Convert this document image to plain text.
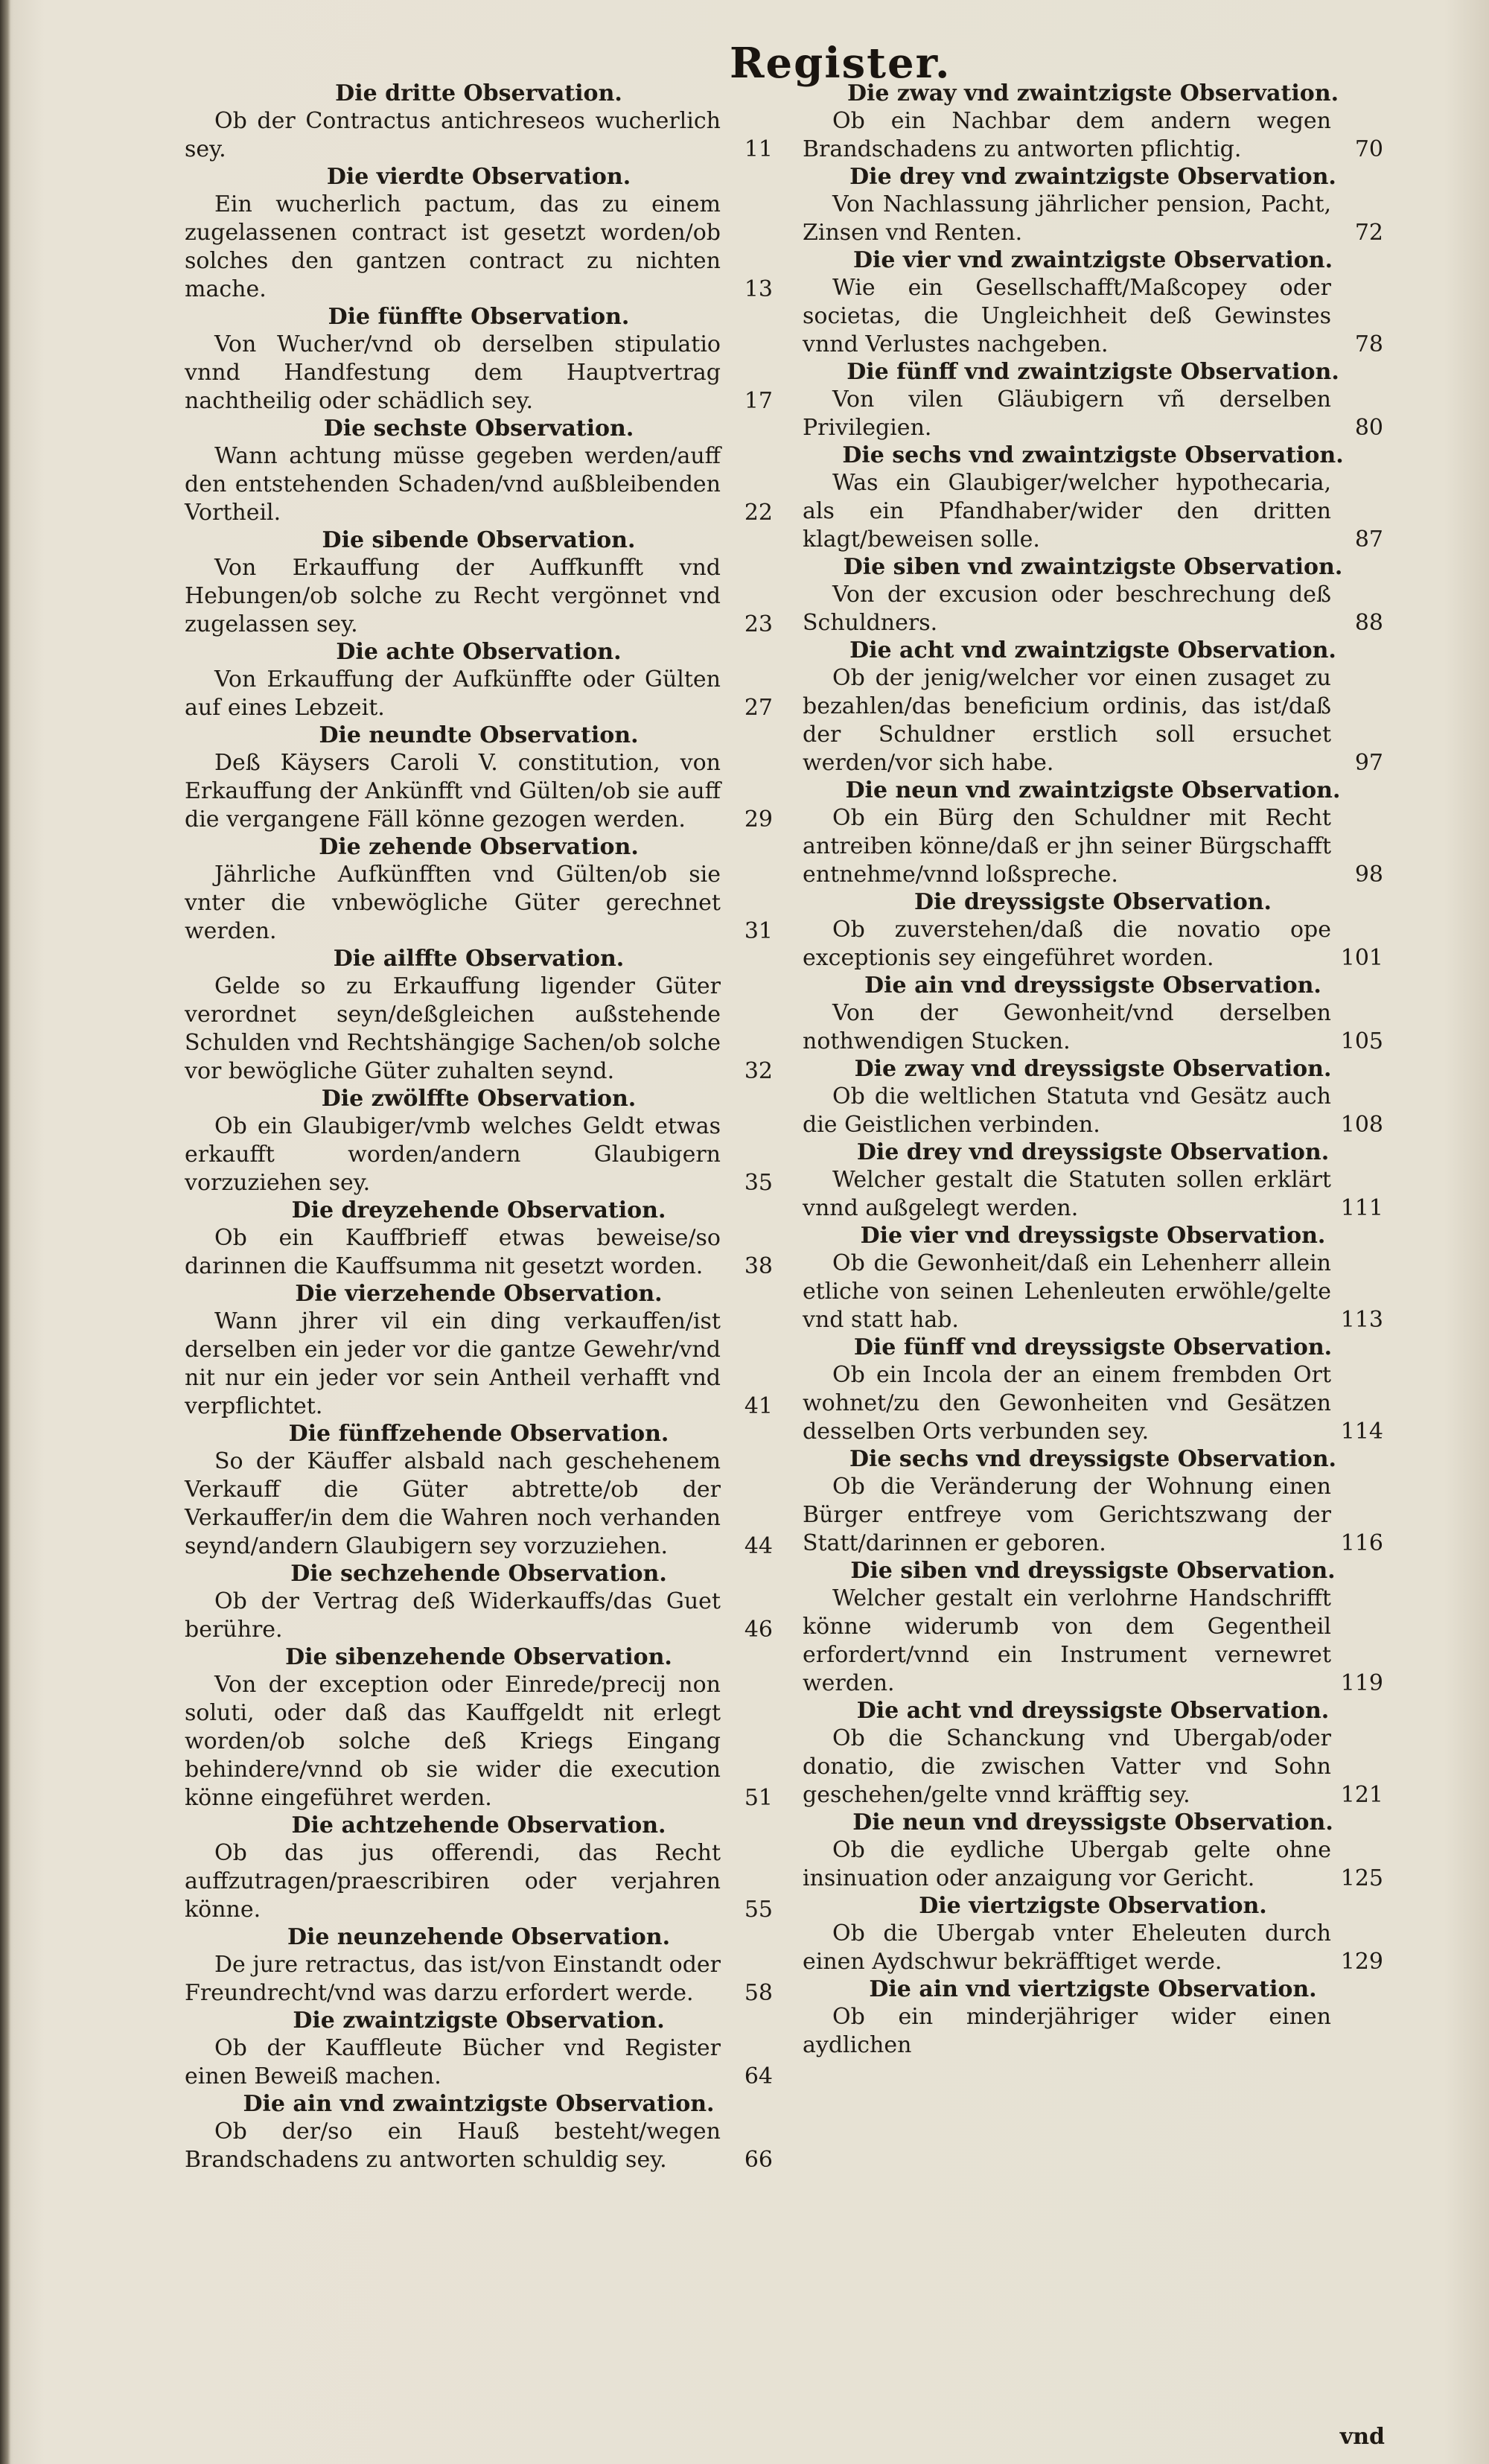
Register.
Die dritte Observation.
Ob der Contractus antichreseos wucherlich sey.	11
Die vierdte Observation.
Ein wucherlich pactum, das zu einem zugelassenen contract ist gesetzt worden/ob solches den gantzen contract zu nichten mache.	13
Die fünffte Observation.
Von Wucher/vnd ob derselben stipulatio vnnd Handfestung dem Hauptvertrag nachtheilig oder schädlich sey.	17
Die sechste Observation.
Wann achtung müsse gegeben werden/auff den entstehenden Schaden/vnd außbleibenden Vortheil.	22
Die sibende Observation.
Von Erkauffung der Auffkunfft vnd Hebungen/ob solche zu Recht vergönnet vnd zugelassen sey.	23
Die achte Observation.
Von Erkauffung der Aufkünffte oder Gülten auf eines Lebzeit.	27
Die neundte Observation.
Deß Käysers Caroli V. constitution, von Erkauffung der Ankünfft vnd Gülten/ob sie auff die vergangene Fäll könne gezogen werden.	29
Die zehende Observation.
Jährliche Aufkünfften vnd Gülten/ob sie vnter die vnbewögliche Güter gerechnet werden.	31
Die ailffte Observation.
Gelde so zu Erkauffung ligender Güter verordnet seyn/deßgleichen außstehende Schulden vnd Rechtshängige Sachen/ob solche vor bewögliche Güter zuhalten seynd.	32
Die zwölffte Observation.
Ob ein Glaubiger/vmb welches Geldt etwas erkaufft worden/andern Glaubigern vorzuziehen sey.	35
Die dreyzehende Observation.
Ob ein Kauffbrieff etwas beweise/so darinnen die Kauffsumma nit gesetzt worden.	38
Die vierzehende Observation.
Wann jhrer vil ein ding verkauffen/ist derselben ein jeder vor die gantze Gewehr/vnd nit nur ein jeder vor sein Antheil verhafft vnd verpflichtet.	41
Die fünffzehende Observation.
So der Käuffer alsbald nach geschehenem Verkauff die Güter abtrette/ob der Verkauffer/in dem die Wahren noch verhanden seynd/andern Glaubigern sey vorzuziehen.	44
Die sechzehende Observation.
Ob der Vertrag deß Widerkauffs/das Guet berühre.	46
Die sibenzehende Observation.
Von der exception oder Einrede/precij non soluti, oder daß das Kauffgeldt nit erlegt worden/ob solche deß Kriegs Eingang behindere/vnnd ob sie wider die execution könne eingeführet werden.	51
Die achtzehende Observation.
Ob das jus offerendi, das Recht auffzutragen/praescribiren oder verjahren könne.	55
Die neunzehende Observation.
De jure retractus, das ist/von Einstandt oder Freundrecht/vnd was darzu erfordert werde.	58
Die zwaintzigste Observation.
Ob der Kauffleute Bücher vnd Register einen Beweiß machen.	64
Die ain vnd zwaintzigste Observation.
Ob der/so ein Hauß besteht/wegen Brandschadens zu antworten schuldig sey.	66
Die zway vnd zwaintzigste Observation.
Ob ein Nachbar dem andern wegen Brandschadens zu antworten pflichtig.	70
Die drey vnd zwaintzigste Observation.
Von Nachlassung jährlicher pension, Pacht, Zinsen vnd Renten.	72
Die vier vnd zwaintzigste Observation.
Wie ein Gesellschafft/Maßcopey oder societas, die Ungleichheit deß Gewinstes vnnd Verlustes nachgeben.	78
Die fünff vnd zwaintzigste Observation.
Von vilen Gläubigern vñ derselben Privilegien.	80
Die sechs vnd zwaintzigste Observation.
Was ein Glaubiger/welcher hypothecaria, als ein Pfandhaber/wider den dritten klagt/beweisen solle.	87
Die siben vnd zwaintzigste Observation.
Von der excusion oder beschrechung deß Schuldners.	88
Die acht vnd zwaintzigste Observation.
Ob der jenig/welcher vor einen zusaget zu bezahlen/das beneficium ordinis, das ist/daß der Schuldner erstlich soll ersuchet werden/vor sich habe.	97
Die neun vnd zwaintzigste Observation.
Ob ein Bürg den Schuldner mit Recht antreiben könne/daß er jhn seiner Bürgschafft entnehme/vnnd loßspreche.	98
Die dreyssigste Observation.
Ob zuverstehen/daß die novatio ope exceptionis sey eingeführet worden.	101
Die ain vnd dreyssigste Observation.
Von der Gewonheit/vnd derselben nothwendigen Stucken.	105
Die zway vnd dreyssigste Observation.
Ob die weltlichen Statuta vnd Gesätz auch die Geistlichen verbinden.	108
Die drey vnd dreyssigste Observation.
Welcher gestalt die Statuten sollen erklärt vnnd außgelegt werden.	111
Die vier vnd dreyssigste Observation.
Ob die Gewonheit/daß ein Lehenherr allein etliche von seinen Lehenleuten erwöhle/gelte vnd statt hab.	113
Die fünff vnd dreyssigste Observation.
Ob ein Incola der an einem frembden Ort wohnet/zu den Gewonheiten vnd Gesätzen desselben Orts verbunden sey.	114
Die sechs vnd dreyssigste Observation.
Ob die Veränderung der Wohnung einen Bürger entfreye vom Gerichtszwang der Statt/darinnen er geboren.	116
Die siben vnd dreyssigste Observation.
Welcher gestalt ein verlohrne Handschrifft könne widerumb von dem Gegentheil erfordert/vnnd ein Instrument vernewret werden.	119
Die acht vnd dreyssigste Observation.
Ob die Schanckung vnd Ubergab/oder donatio, die zwischen Vatter vnd Sohn geschehen/gelte vnnd kräfftig sey.	121
Die neun vnd dreyssigste Observation.
Ob die eydliche Ubergab gelte ohne insinuation oder anzaigung vor Gericht.	125
Die viertzigste Observation.
Ob die Ubergab vnter Eheleuten durch einen Aydschwur bekräfftiget werde.	129
Die ain vnd viertzigste Observation.
Ob ein minderjähriger wider einen aydlichen
vnd
